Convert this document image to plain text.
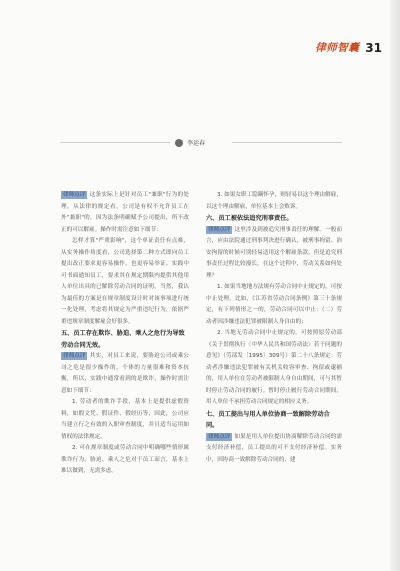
律师智囊 31
李运春

律师点评 这条实际上是针对员工"兼职"行为的处理，从法律的规定看，公司是有权不允许员工在外"兼职"的，因为法条明确赋予公司提出，所不改正的可以解雇。操作时需注意如下细节：

怎样才算"严重影响"，这个单证责任有点难，从实务操作角度看，公司选择第二种方式即向员工提出改正要求更容易操作，也更容易举证。实践中可书面通知员工，要求其在规定期限内提供其他用人单位出具的已解除劳动合同的证明。当然，我认为最佳的方案是在规章制度设计时对该事项进行统一化处理，考虑将其规定为严重违纪行为，依据严重违规章制度解雇会好很多。

五、员工存在欺诈、胁迫、乘人之危行为导致劳动合同无效。

律师点评 其实，对员工来说，要胁迫公司或乘公司之危是很少操作的，个体的力量很难和资本抗衡，所以，实践中通常看到的是欺诈，操作时需注意如下细节：

1. 劳动者的欺诈手段，基本上是提供虚假资料，如假文凭、假证件、假经历等，因此，公司应当建立行之有效的入职审查制度，并且适当运用如情权的法律规定。

2. 可在规章制度或劳动合同中明确哪些情形属欺诈行为。胁迫、乘人之危对于员工而言，基本上难以做到，无需多虑。

3. 如果女职工隐瞒怀孕，则轻易以这个理由解雇，以这个理由解雇，单位基本上会败诉。

六、员工被依法追究刑事责任。

律师点评 这里涉及到被追究刑事责任的理解。一般而言，应由法院通过刑事判决进行确认，被刑事拘留、治安拘留的时候可别轻易适用这个解雇条款。但是追究刑事责任过程比较漫长，在这个过程中，劳动关系如何处理？

1. 如果当地地方法规有劳动合同中止规定的，可按中止处理，比如，《江苏省劳动合同条例》第三十条规定，有下列情形之一的，劳动合同可以中止：（二）劳动者因涉嫌违法犯罪被限制人身自由的；

2. 当地无劳动合同中止规定的，可按照原劳动部《关于贯彻执行〈中华人民共和国劳动法〉若干问题的意见》（劳部发〔1995〕309号）第二十八条规定：劳动者涉嫌违法犯罪被有关机关收容审查、拘留或逮捕的，用人单位在劳动者被限制人身自由期间，可与其暂时停止劳动合同的履行。暂时停止履行劳动合同期间，用人单位不承担劳动合同规定的相应义务。

七、员工提出与用人单位协商一致解除劳动合同。

律师点评 如果是用人单位提出协商解除劳动合同的需支付经济补偿，员工提出的可不支付经济补偿。实务中，因协商一致解除劳动合同的，建
